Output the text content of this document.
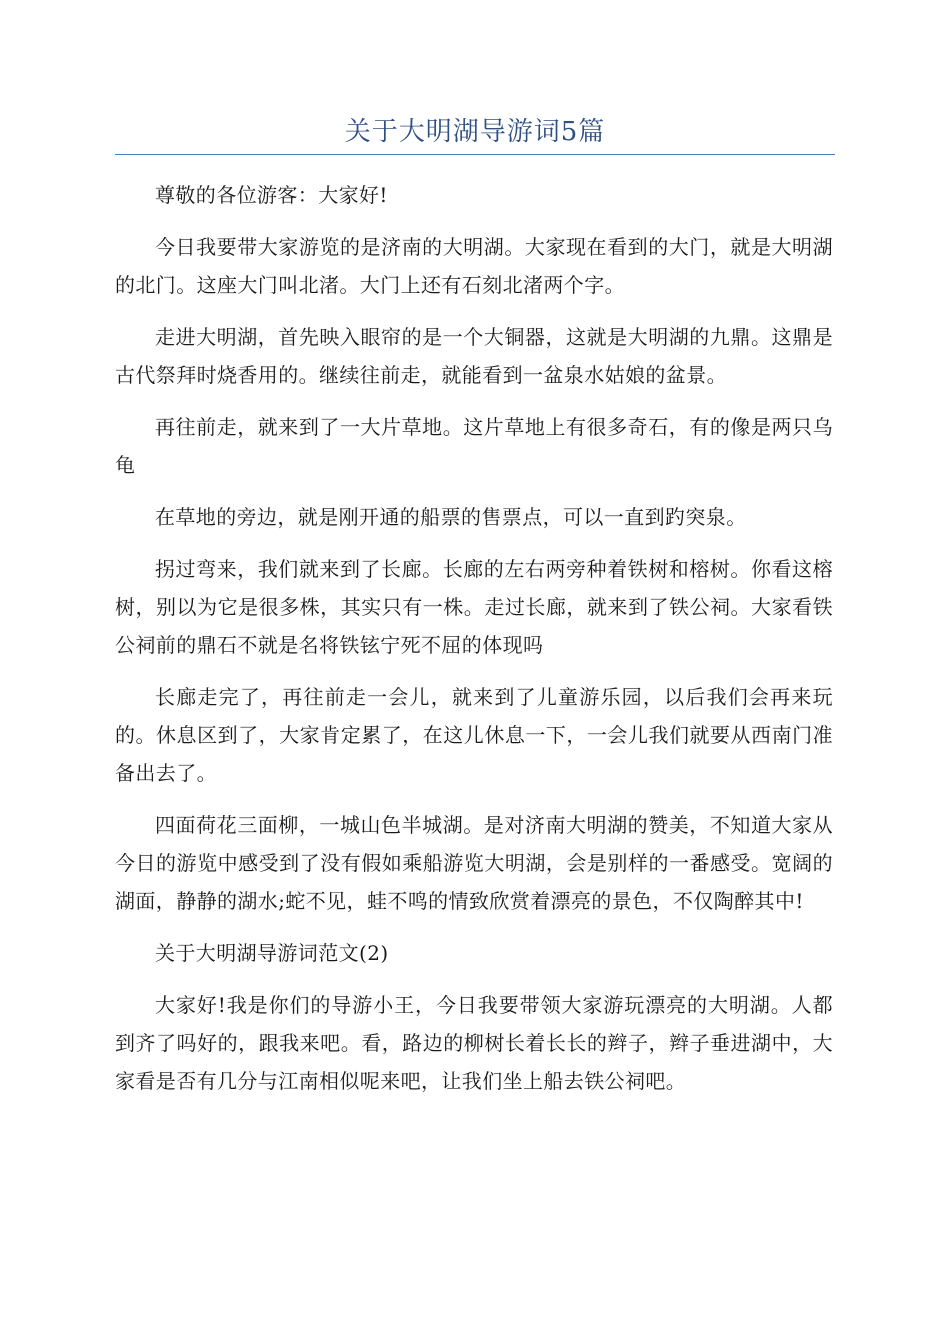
关于大明湖导游词5篇

尊敬的各位游客：大家好!

今日我要带大家游览的是济南的大明湖。大家现在看到的大门，就是大明湖的北门。这座大门叫北渚。大门上还有石刻北渚两个字。

走进大明湖，首先映入眼帘的是一个大铜器，这就是大明湖的九鼎。这鼎是古代祭拜时烧香用的。继续往前走，就能看到一盆泉水姑娘的盆景。

再往前走，就来到了一大片草地。这片草地上有很多奇石，有的像是两只乌龟

在草地的旁边，就是刚开通的船票的售票点，可以一直到趵突泉。

拐过弯来，我们就来到了长廊。长廊的左右两旁种着铁树和榕树。你看这榕树，别以为它是很多株，其实只有一株。走过长廊，就来到了铁公祠。大家看铁公祠前的鼎石不就是名将铁铉宁死不屈的体现吗

长廊走完了，再往前走一会儿，就来到了儿童游乐园，以后我们会再来玩的。休息区到了，大家肯定累了，在这儿休息一下，一会儿我们就要从西南门准备出去了。

四面荷花三面柳，一城山色半城湖。是对济南大明湖的赞美，不知道大家从今日的游览中感受到了没有假如乘船游览大明湖，会是别样的一番感受。宽阔的湖面，静静的湖水;蛇不见，蛙不鸣的情致欣赏着漂亮的景色，不仅陶醉其中!

关于大明湖导游词范文(2)

大家好!我是你们的导游小王，今日我要带领大家游玩漂亮的大明湖。人都到齐了吗好的，跟我来吧。看，路边的柳树长着长长的辫子，辫子垂进湖中，大家看是否有几分与江南相似呢来吧，让我们坐上船去铁公祠吧。
